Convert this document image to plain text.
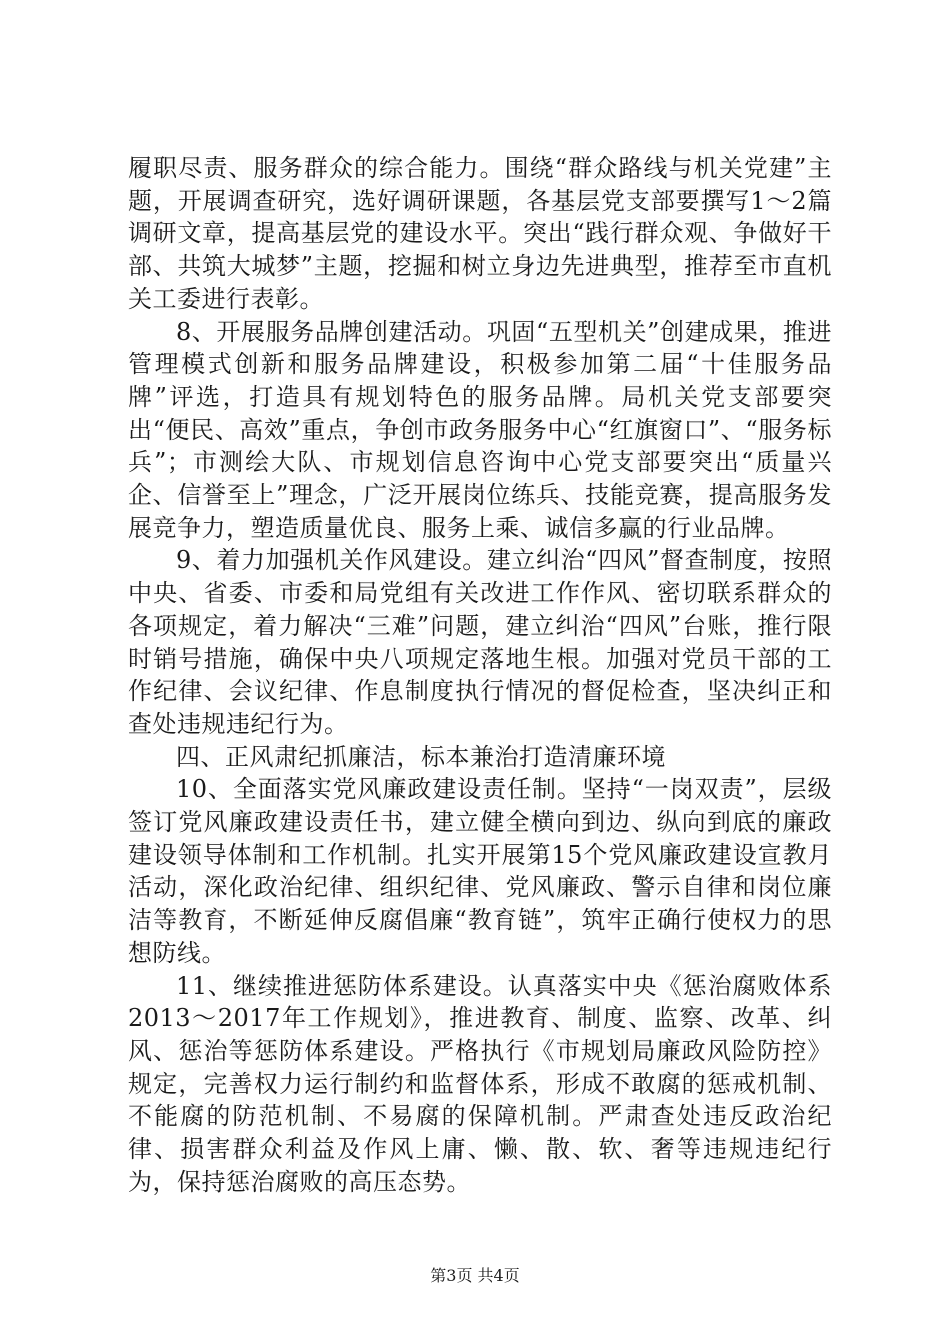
履职尽责、服务群众的综合能力。围绕“群众路线与机关党建”主题，开展调查研究，选好调研课题，各基层党支部要撰写1～2篇调研文章，提高基层党的建设水平。突出“践行群众观、争做好干部、共筑大城梦”主题，挖掘和树立身边先进典型，推荐至市直机关工委进行表彰。

8、开展服务品牌创建活动。巩固“五型机关”创建成果，推进管理模式创新和服务品牌建设，积极参加第二届“十佳服务品牌”评选，打造具有规划特色的服务品牌。局机关党支部要突出“便民、高效”重点，争创市政务服务中心“红旗窗口”、“服务标兵”；市测绘大队、市规划信息咨询中心党支部要突出“质量兴企、信誉至上”理念，广泛开展岗位练兵、技能竞赛，提高服务发展竞争力，塑造质量优良、服务上乘、诚信多赢的行业品牌。

9、着力加强机关作风建设。建立纠治“四风”督查制度，按照中央、省委、市委和局党组有关改进工作作风、密切联系群众的各项规定，着力解决“三难”问题，建立纠治“四风”台账，推行限时销号措施，确保中央八项规定落地生根。加强对党员干部的工作纪律、会议纪律、作息制度执行情况的督促检查，坚决纠正和查处违规违纪行为。

四、正风肃纪抓廉洁，标本兼治打造清廉环境

10、全面落实党风廉政建设责任制。坚持“一岗双责”，层级签订党风廉政建设责任书，建立健全横向到边、纵向到底的廉政建设领导体制和工作机制。扎实开展第15个党风廉政建设宣教月活动，深化政治纪律、组织纪律、党风廉政、警示自律和岗位廉洁等教育，不断延伸反腐倡廉“教育链”，筑牢正确行使权力的思想防线。

11、继续推进惩防体系建设。认真落实中央《惩治腐败体系2013～2017年工作规划》，推进教育、制度、监察、改革、纠风、惩治等惩防体系建设。严格执行《市规划局廉政风险防控》规定，完善权力运行制约和监督体系，形成不敢腐的惩戒机制、不能腐的防范机制、不易腐的保障机制。严肃查处违反政治纪律、损害群众利益及作风上庸、懒、散、软、奢等违规违纪行为，保持惩治腐败的高压态势。

第3页 共4页
